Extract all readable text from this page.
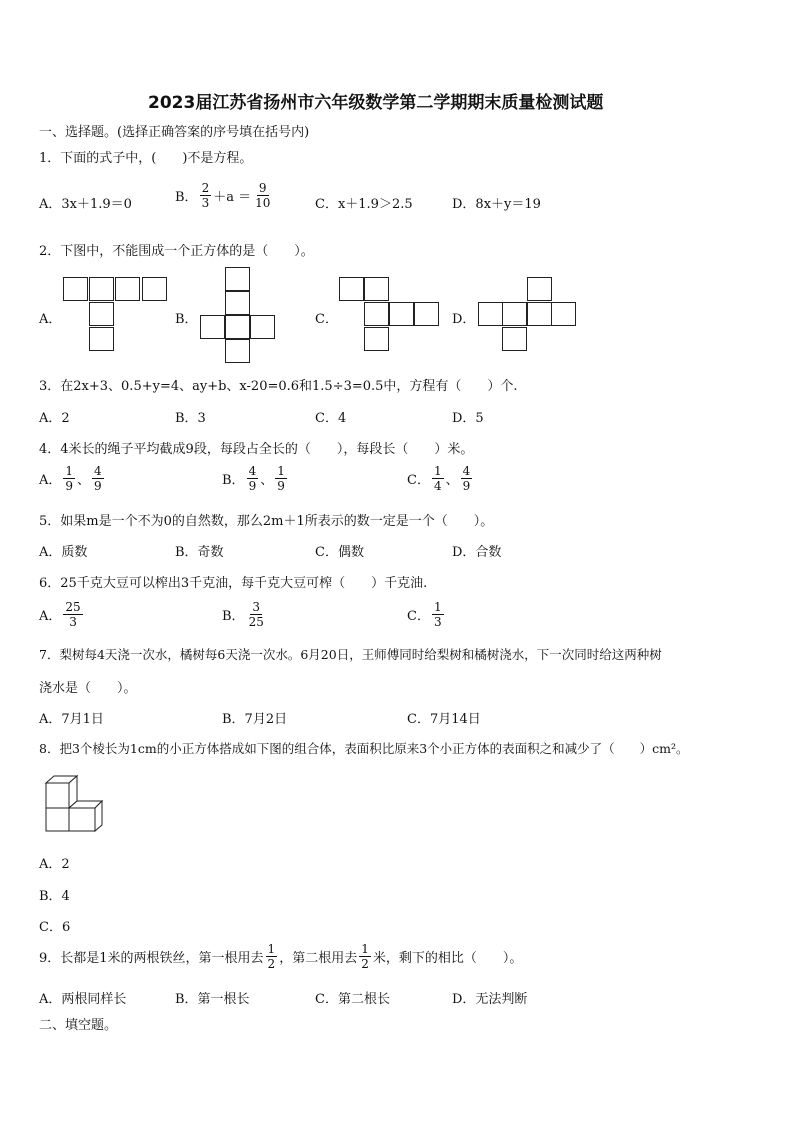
2023届江苏省扬州市六年级数学第二学期期末质量检测试题
一、选择题。(选择正确答案的序号填在括号内)
1．下面的式子中，(　　)不是方程。
A．3x＋1.9＝0	B． $\frac{2}{3} +a = \frac{9}{10}$	C．x＋1.9＞2.5	D．8x＋y＝19
2．下图中，不能围成一个正方体的是（　　）。
A．	B．	C．	D．
3．在2x+3、0.5+y=4、ay+b、x-20=0.6和1.5÷3=0.5中，方程有（　　）个.
A．2	B．3	C．4	D．5
4．4米长的绳子平均截成9段，每段占全长的（　　），每段长（　　）米。
A． $\frac{1}{9}$ 、 $\frac{4}{9}$	B． $\frac{4}{9}$ 、 $\frac{1}{9}$	C． $\frac{1}{4}$ 、 $\frac{4}{9}$
5．如果m是一个不为0的自然数，那么2m＋1所表示的数一定是一个（　　）。
A．质数	B．奇数	C．偶数	D．合数
6．25千克大豆可以榨出3千克油，每千克大豆可榨（　　）千克油.
A． $\frac{25}{3}$	B． $\frac{3}{25}$	C． $\frac{1}{3}$
7．梨树每4天浇一次水，橘树每6天浇一次水。6月20日，王师傅同时给梨树和橘树浇水，下一次同时给这两种树
浇水是（　　）。
A．7月1日	B．7月2日	C．7月14日
8．把3个棱长为1cm的小正方体搭成如下图的组合体，表面积比原来3个小正方体的表面积之和减少了（　　）cm²。
A．2
B．4
C．6
9．长都是1米的两根铁丝，第一根用去 $\frac{1}{2}$ ，第二根用去 $\frac{1}{2}$ 米，剩下的相比（　　）。
A．两根同样长	B．第一根长	C．第二根长	D．无法判断
二、填空题。
